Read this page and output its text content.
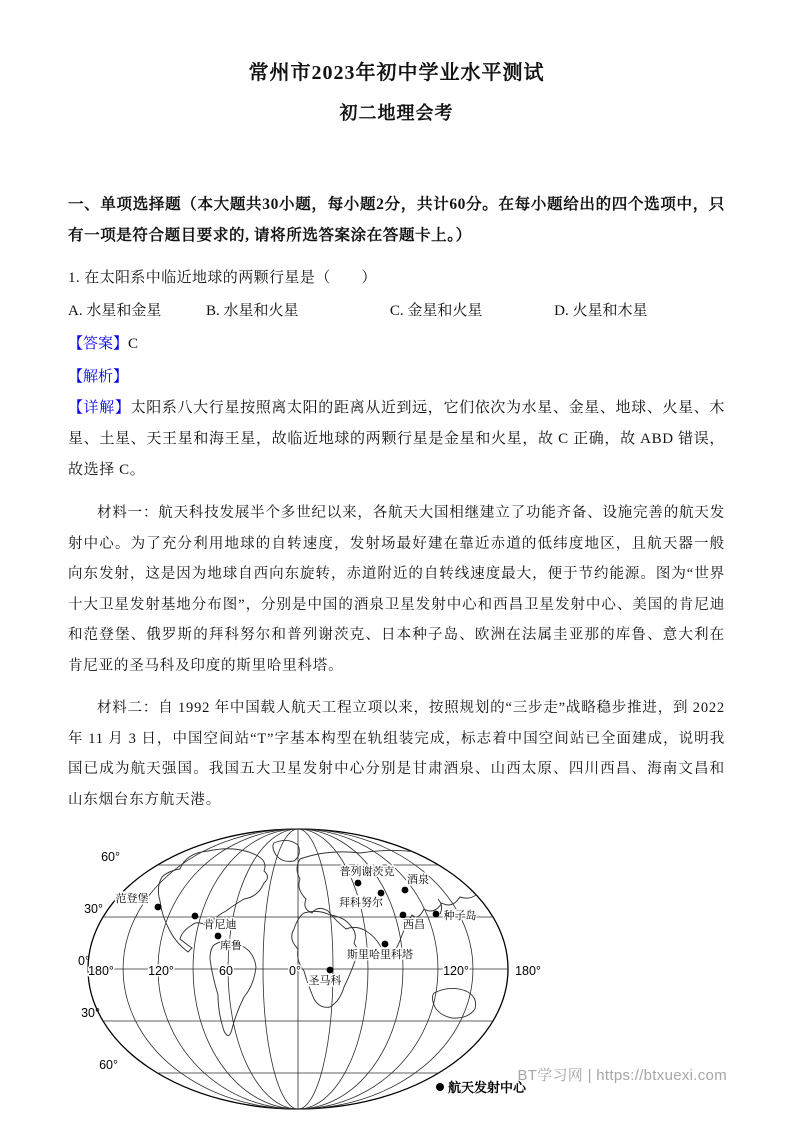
常州市2023年初中学业水平测试
初二地理会考

一、单项选择题（本大题共30小题，每小题2分，共计60分。在每小题给出的四个选项中，只有一项是符合题目要求的, 请将所选答案涂在答题卡上。）

1. 在太阳系中临近地球的两颗行星是（　　）

A. 水星和金星	B. 水星和火星	C. 金星和火星	D. 火星和木星

【答案】C

【解析】

【详解】太阳系八大行星按照离太阳的距离从近到远，它们依次为水星、金星、地球、火星、木星、土星、天王星和海王星，故临近地球的两颗行星是金星和火星，故 C 正确，故 ABD 错误，故选择 C。

材料一：航天科技发展半个多世纪以来，各航天大国相继建立了功能齐备、设施完善的航天发射中心。为了充分利用地球的自转速度，发射场最好建在靠近赤道的低纬度地区，且航天器一般向东发射，这是因为地球自西向东旋转，赤道附近的自转线速度最大，便于节约能源。图为“世界十大卫星发射基地分布图”，分别是中国的酒泉卫星发射中心和西昌卫星发射中心、美国的肯尼迪和范登堡、俄罗斯的拜科努尔和普列谢茨克、日本种子岛、欧洲在法属圭亚那的库鲁、意大利在肯尼亚的圣马科及印度的斯里哈里科塔。

材料二：自 1992 年中国载人航天工程立项以来，按照规划的“三步走”战略稳步推进，到 2022 年 11 月 3 日，中国空间站“T”字基本构型在轨组装完成，标志着中国空间站已全面建成，说明我国已成为航天强国。我国五大卫星发射中心分别是甘肃酒泉、山西太原、四川西昌、海南文昌和山东烟台东方航天港。

60°
30°
0°
30°
60°
180°	120°	60	0°	120°	180°
范登堡
肯尼迪
库鲁
圣马科
普列谢茨克
拜科努尔
酒泉
西昌
种子岛
斯里哈里科塔
航天发射中心
BT学习网 | https://btxuexi.com
